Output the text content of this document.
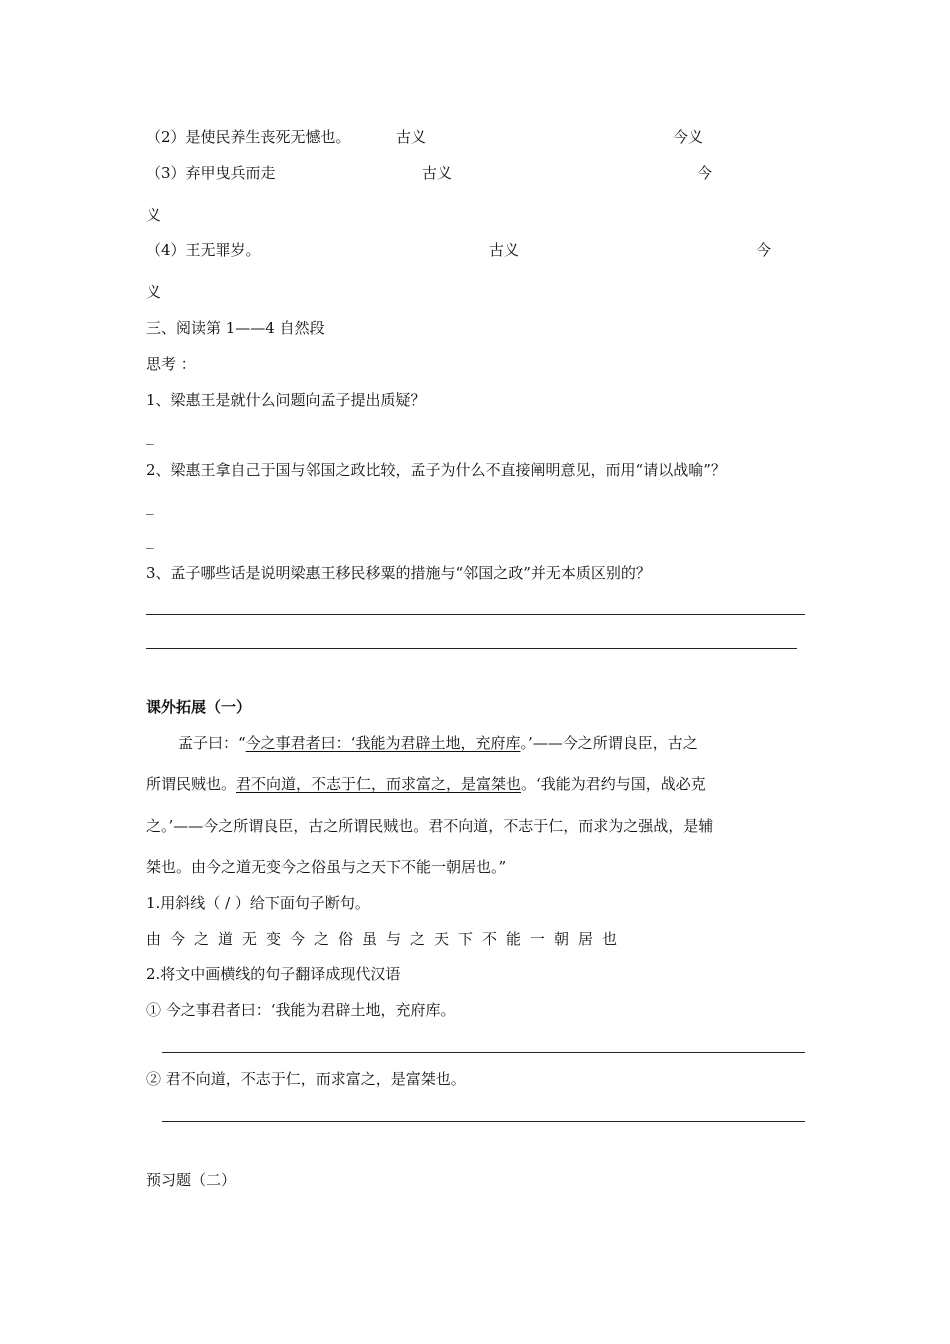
（2）是使民养生丧死无憾也。	古义	今义
（3）弃甲曳兵而走	古义	今
义
（4）王无罪岁。	古义	今
义
三、阅读第 1——4 自然段
思考 ：
1、梁惠王是就什么问题向孟子提出质疑？
_
2、梁惠王拿自己于国与邻国之政比较，孟子为什么不直接阐明意见，而用“请以战喻”？
_
_
3、孟子哪些话是说明梁惠王移民移粟的措施与“邻国之政”并无本质区别的？
课外拓展（一）
孟子曰：“今之事君者曰：‘我能为君辟土地，充府库。’——今之所谓良臣，古之
所谓民贼也。君不向道，不志于仁，而求富之，是富桀也。‘我能为君约与国，战必克
之。’——今之所谓良臣，古之所谓民贼也。君不向道，不志于仁，而求为之强战，是辅
桀也。由今之道无变今之俗虽与之天下不能一朝居也。”
1.用斜线（ / ）给下面句子断句。
由今之道无变今之俗虽与之天下不能一朝居也
2.将文中画横线的句子翻译成现代汉语
① 今之事君者曰：‘我能为君辟土地，充府库。
② 君不向道，不志于仁，而求富之，是富桀也。
预习题（二）
